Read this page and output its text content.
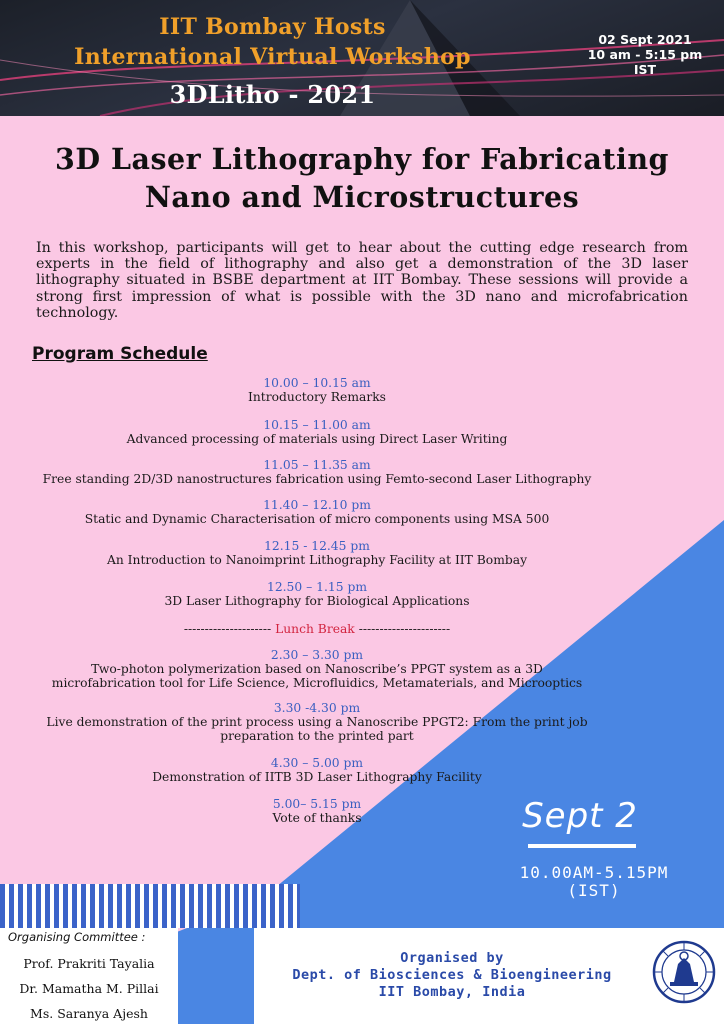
IIT Bombay Hosts
International Virtual Workshop
3DLitho - 2021
02 Sept 2021
10 am - 5:15 pm
IST
3D Laser Lithography for Fabricating
Nano and Microstructures
In this workshop, participants will get to hear about the cutting edge research from experts in the field of lithography and also get a demonstration of the 3D laser lithography situated in BSBE department at IIT Bombay. These sessions will provide a strong first impression of what is possible with the 3D nano and microfabrication technology.
Program Schedule
10.00 – 10.15 am
Introductory Remarks
10.15 – 11.00 am
Advanced processing of materials using Direct Laser Writing
11.05 – 11.35 am
Free standing 2D/3D nanostructures fabrication using Femto-second Laser Lithography
11.40 – 12.10 pm
Static and Dynamic Characterisation of micro components using MSA 500
12.15 - 12.45 pm
An Introduction to Nanoimprint Lithography Facility at IIT Bombay
12.50 – 1.15 pm
3D Laser Lithography for Biological Applications
--------------------- Lunch Break ----------------------
2.30 – 3.30 pm
Two-photon polymerization based on Nanoscribe’s PPGT system as a 3D
microfabrication tool for Life Science, Microfluidics, Metamaterials, and Microoptics
3.30 -4.30 pm
Live demonstration of the print process using a Nanoscribe PPGT2: From the print job
preparation to the printed part
4.30 – 5.00 pm
Demonstration of IITB 3D Laser Lithography Facility
5.00– 5.15 pm
Vote of thanks	Sept 2
10.00AM-5.15PM
(IST)
Organising Committee :
Prof. Prakriti Tayalia
Dr. Mamatha M. Pillai
Ms. Saranya Ajesh
Organised by
Dept. of Biosciences & Bioengineering
IIT Bombay, India
